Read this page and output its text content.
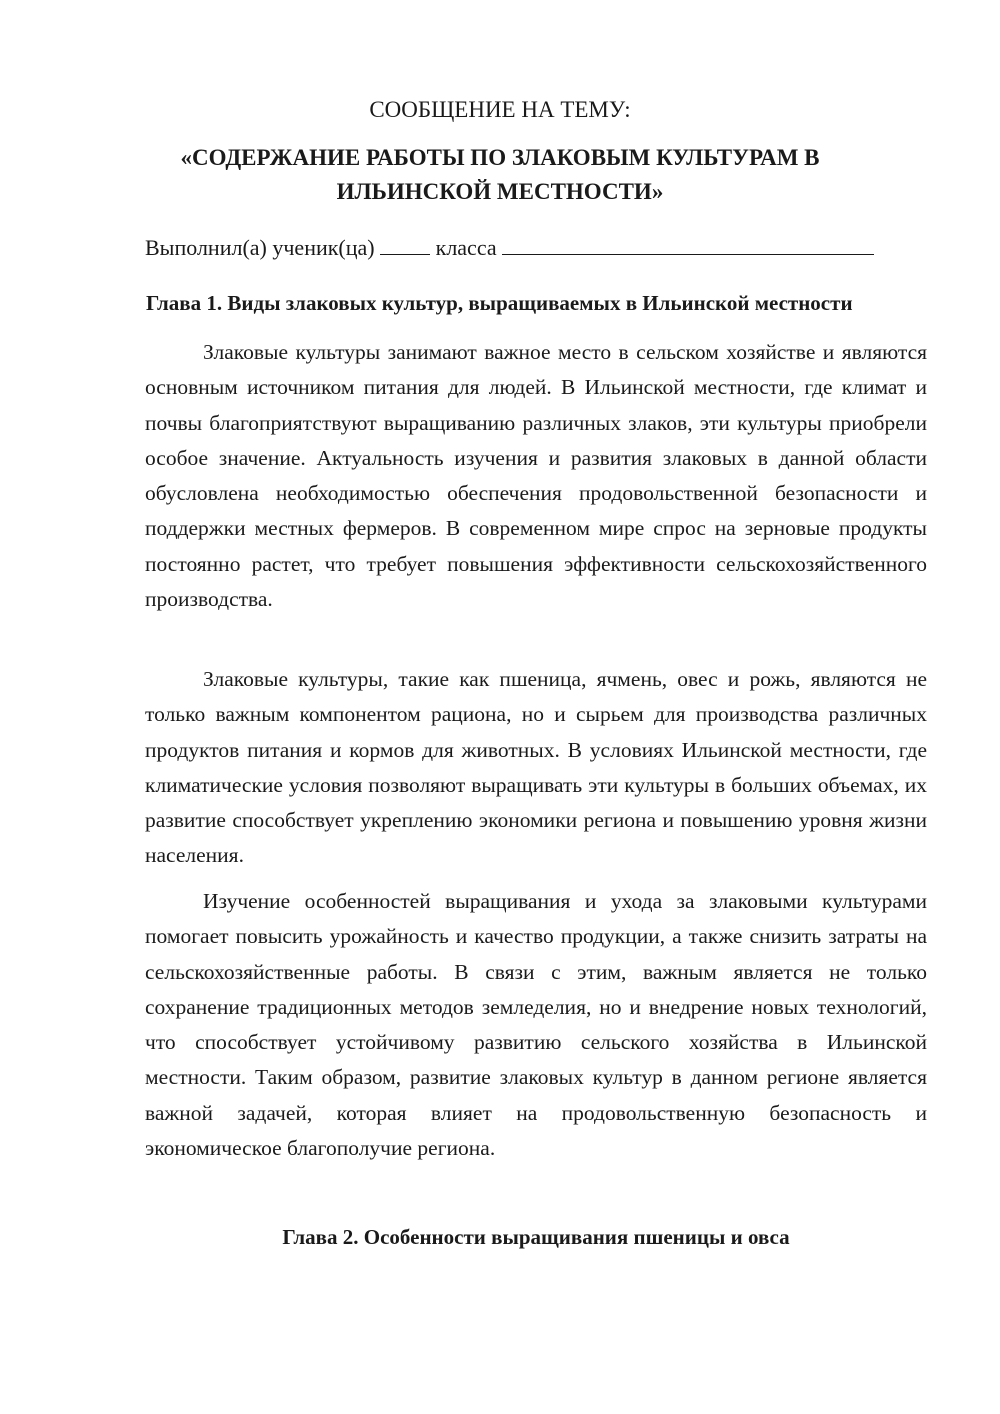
СООБЩЕНИЕ НА ТЕМУ:
«СОДЕРЖАНИЕ РАБОТЫ ПО ЗЛАКОВЫМ КУЛЬТУРАМ В
ИЛЬИНСКОЙ МЕСТНОСТИ»
Выполнил(а) ученик(ца)  класса
Глава 1. Виды злаковых культур, выращиваемых в Ильинской местности

Злаковые культуры занимают важное место в сельском хозяйстве и являются основным источником питания для людей. В Ильинской местности, где климат и почвы благоприятствуют выращиванию различных злаков, эти культуры приобрели особое значение. Актуальность изучения и развития злаковых в данной области обусловлена необходимостью обеспечения продовольственной безопасности и поддержки местных фермеров. В современном мире спрос на зерновые продукты постоянно растет, что требует повышения эффективности сельскохозяйственного производства.

Злаковые культуры, такие как пшеница, ячмень, овес и рожь, являются не только важным компонентом рациона, но и сырьем для производства различных продуктов питания и кормов для животных. В условиях Ильинской местности, где климатические условия позволяют выращивать эти культуры в больших объемах, их развитие способствует укреплению экономики региона и повышению уровня жизни населения.

Изучение особенностей выращивания и ухода за злаковыми культурами помогает повысить урожайность и качество продукции, а также снизить затраты на сельскохозяйственные работы. В связи с этим, важным является не только сохранение традиционных методов земледелия, но и внедрение новых технологий, что способствует устойчивому развитию сельского хозяйства в Ильинской местности. Таким образом, развитие злаковых культур в данном регионе является важной задачей, которая влияет на продовольственную безопасность и экономическое благополучие региона.

Глава 2. Особенности выращивания пшеницы и овса
